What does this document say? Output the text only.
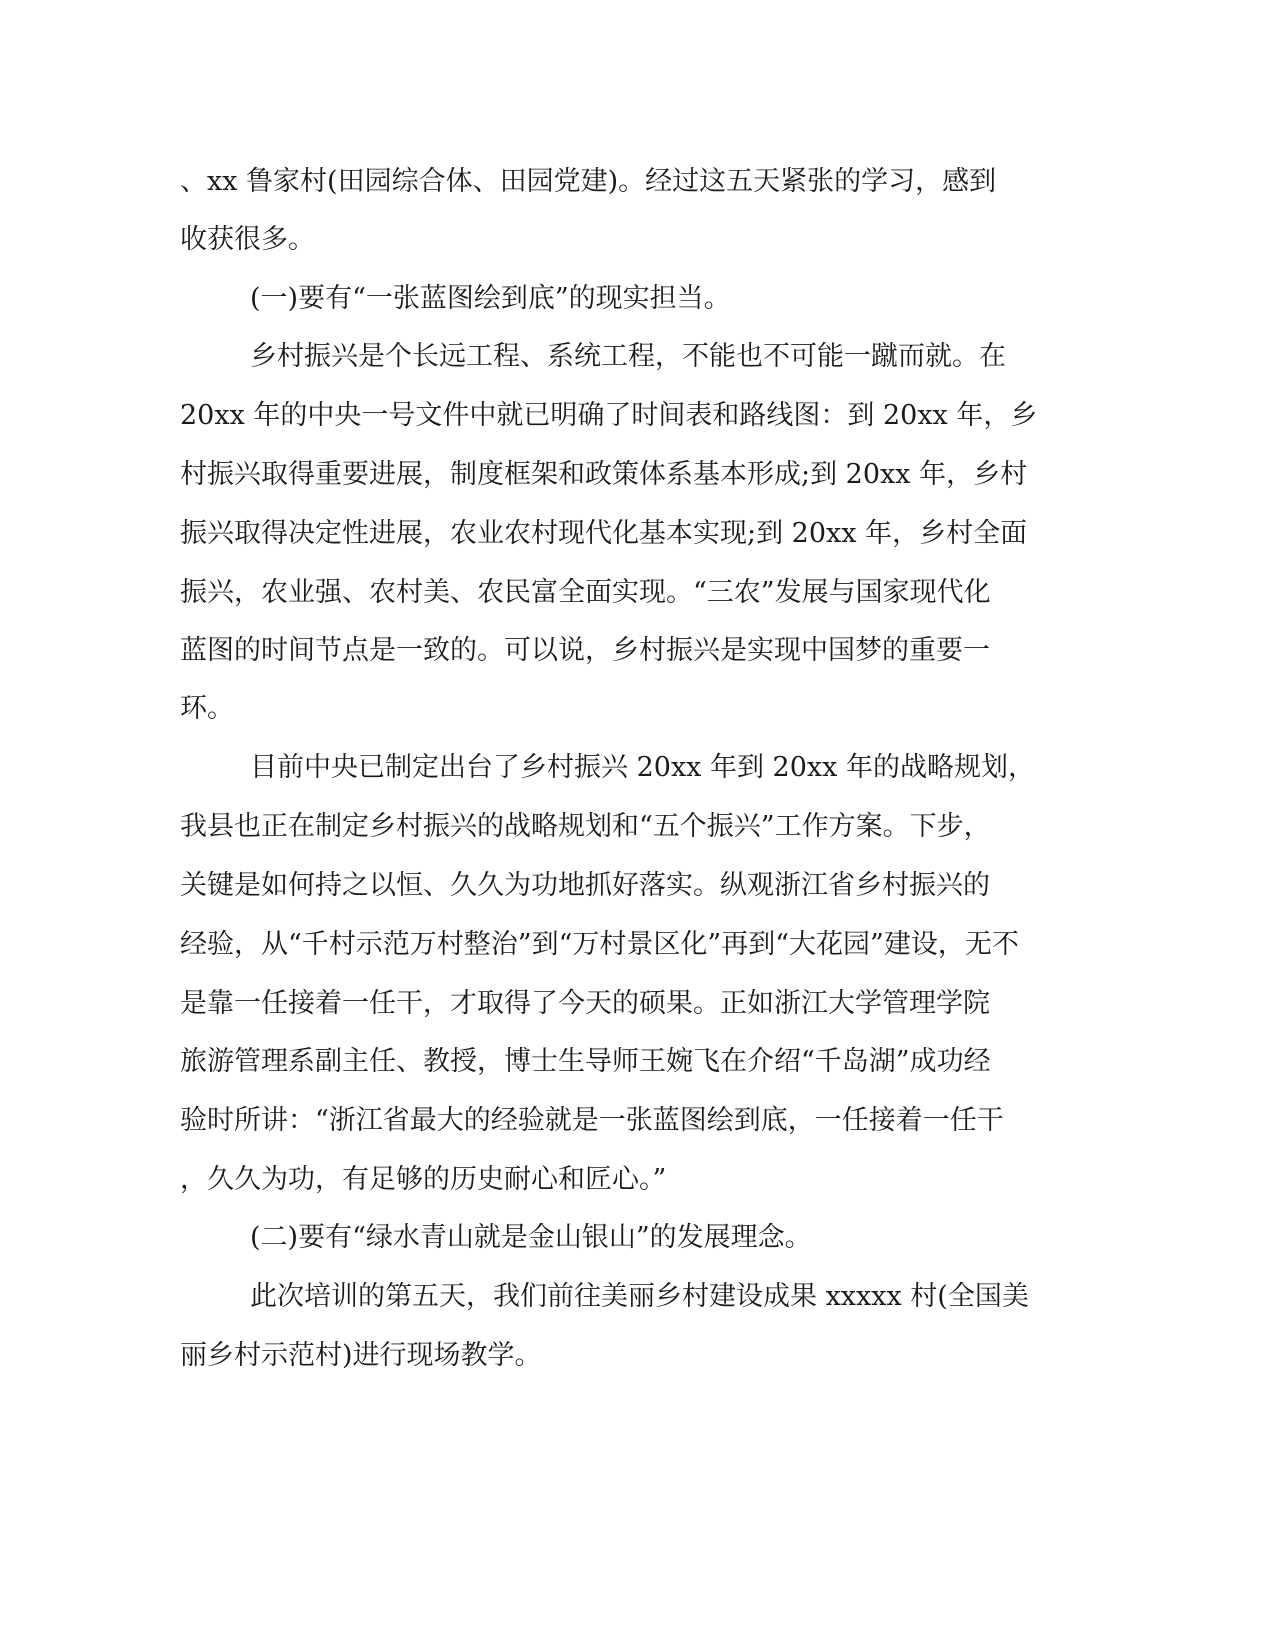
、xx 鲁家村(田园综合体、田园党建)。经过这五天紧张的学习，感到
收获很多。
(一)要有“一张蓝图绘到底”的现实担当。
乡村振兴是个长远工程、系统工程，不能也不可能一蹴而就。在
20xx 年的中央一号文件中就已明确了时间表和路线图：到 20xx 年，乡
村振兴取得重要进展，制度框架和政策体系基本形成;到 20xx 年，乡村
振兴取得决定性进展，农业农村现代化基本实现;到 20xx 年，乡村全面
振兴，农业强、农村美、农民富全面实现。“三农”发展与国家现代化
蓝图的时间节点是一致的。可以说，乡村振兴是实现中国梦的重要一
环。
目前中央已制定出台了乡村振兴 20xx 年到 20xx 年的战略规划，
我县也正在制定乡村振兴的战略规划和“五个振兴”工作方案。下步，
关键是如何持之以恒、久久为功地抓好落实。纵观浙江省乡村振兴的
经验，从“千村示范万村整治”到“万村景区化”再到“大花园”建设，无不
是靠一任接着一任干，才取得了今天的硕果。正如浙江大学管理学院
旅游管理系副主任、教授，博士生导师王婉飞在介绍“千岛湖”成功经
验时所讲：“浙江省最大的经验就是一张蓝图绘到底，一任接着一任干
，久久为功，有足够的历史耐心和匠心。”
(二)要有“绿水青山就是金山银山”的发展理念。
此次培训的第五天，我们前往美丽乡村建设成果 xxxxx 村(全国美
丽乡村示范村)进行现场教学。
